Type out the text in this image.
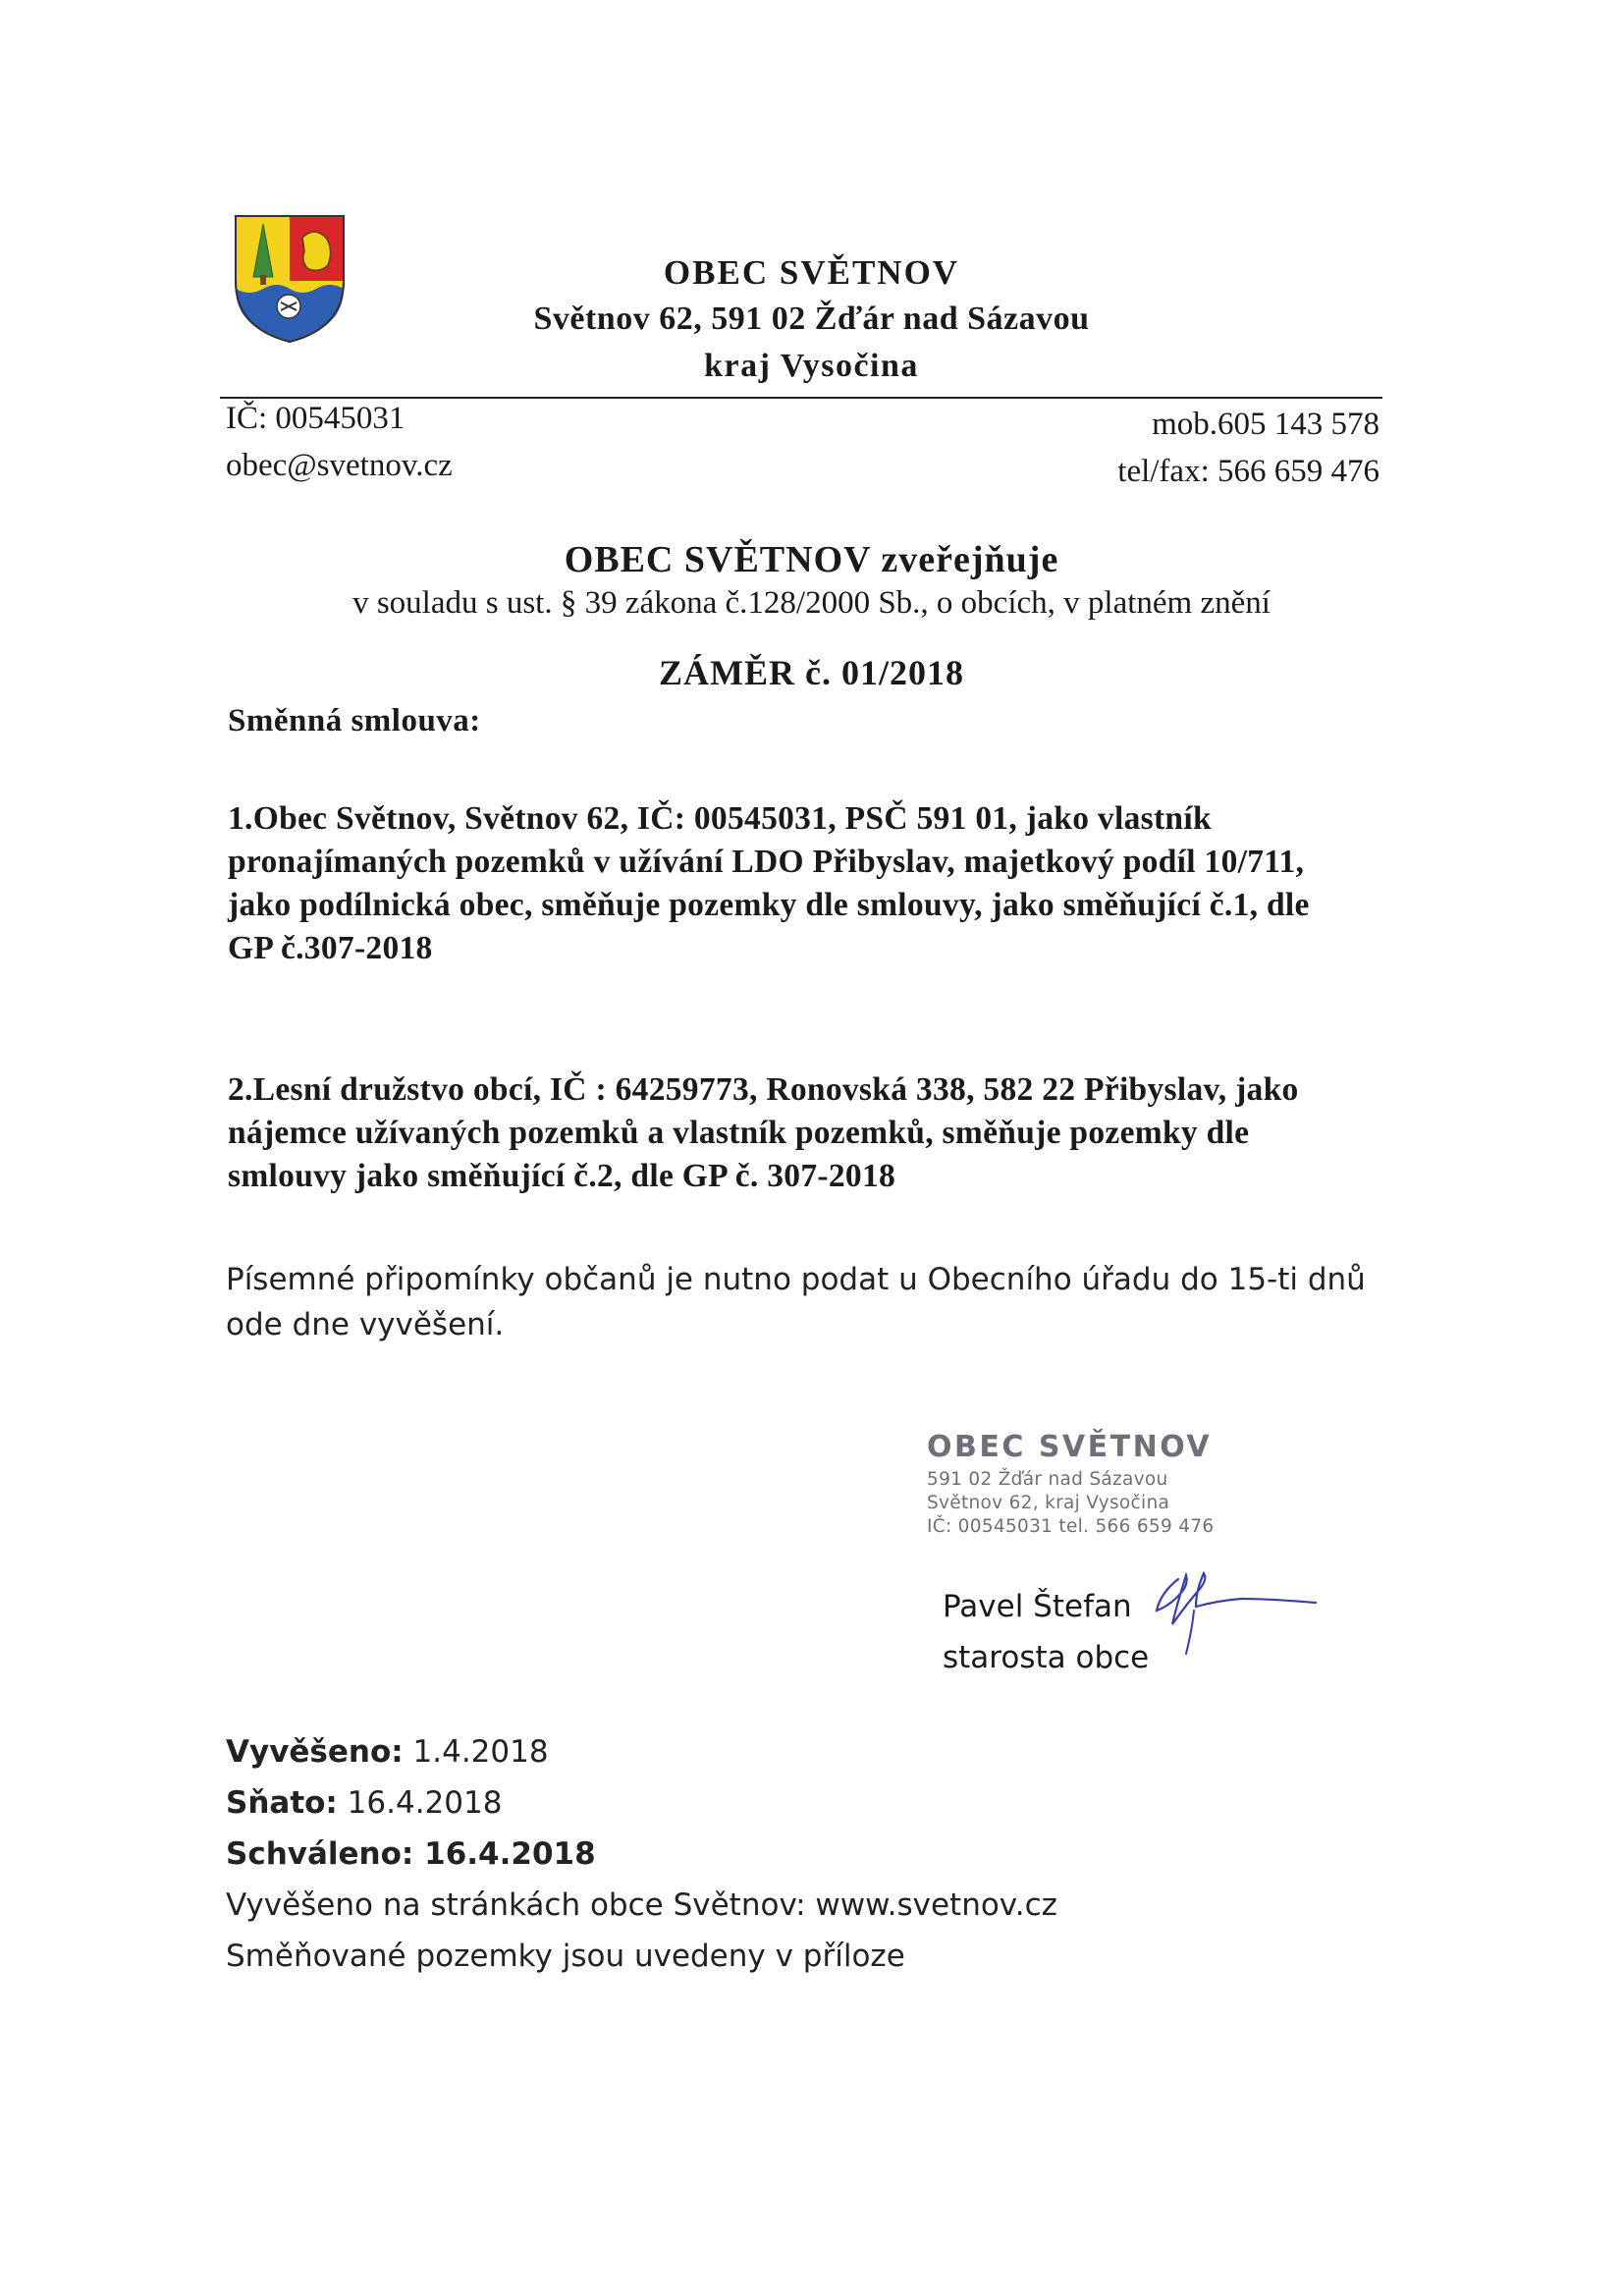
OBEC SVĚTNOV
Světnov 62, 591 02 Žďár nad Sázavou
kraj Vysočina
IČ: 00545031
obec@svetnov.cz
mob.605 143 578
tel/fax: 566 659 476
OBEC SVĚTNOV zveřejňuje
v souladu s ust. § 39 zákona č.128/2000 Sb., o obcích, v platném znění
ZÁMĚR č. 01/2018
Směnná smlouva:
1.Obec Světnov, Světnov 62, IČ: 00545031, PSČ 591 01, jako vlastník
pronajímaných pozemků v užívání LDO Přibyslav, majetkový podíl 10/711,
jako podílnická obec, směňuje pozemky dle smlouvy, jako směňující č.1, dle
GP č.307-2018
2.Lesní družstvo obcí, IČ : 64259773, Ronovská 338, 582 22 Přibyslav, jako
nájemce užívaných pozemků a vlastník pozemků, směňuje pozemky dle
smlouvy jako směňující č.2, dle GP č. 307-2018
Písemné připomínky občanů je nutno podat u Obecního úřadu do 15-ti dnů
ode dne vyvěšení.
OBEC SVĚTNOV
591 02 Žďár nad Sázavou
Světnov 62, kraj Vysočina
IČ: 00545031 tel. 566 659 476
Pavel Štefan
starosta obce
Vyvěšeno: 1.4.2018
Sňato: 16.4.2018
Schváleno: 16.4.2018
Vyvěšeno na stránkách obce Světnov: www.svetnov.cz
Směňované pozemky jsou uvedeny v příloze
